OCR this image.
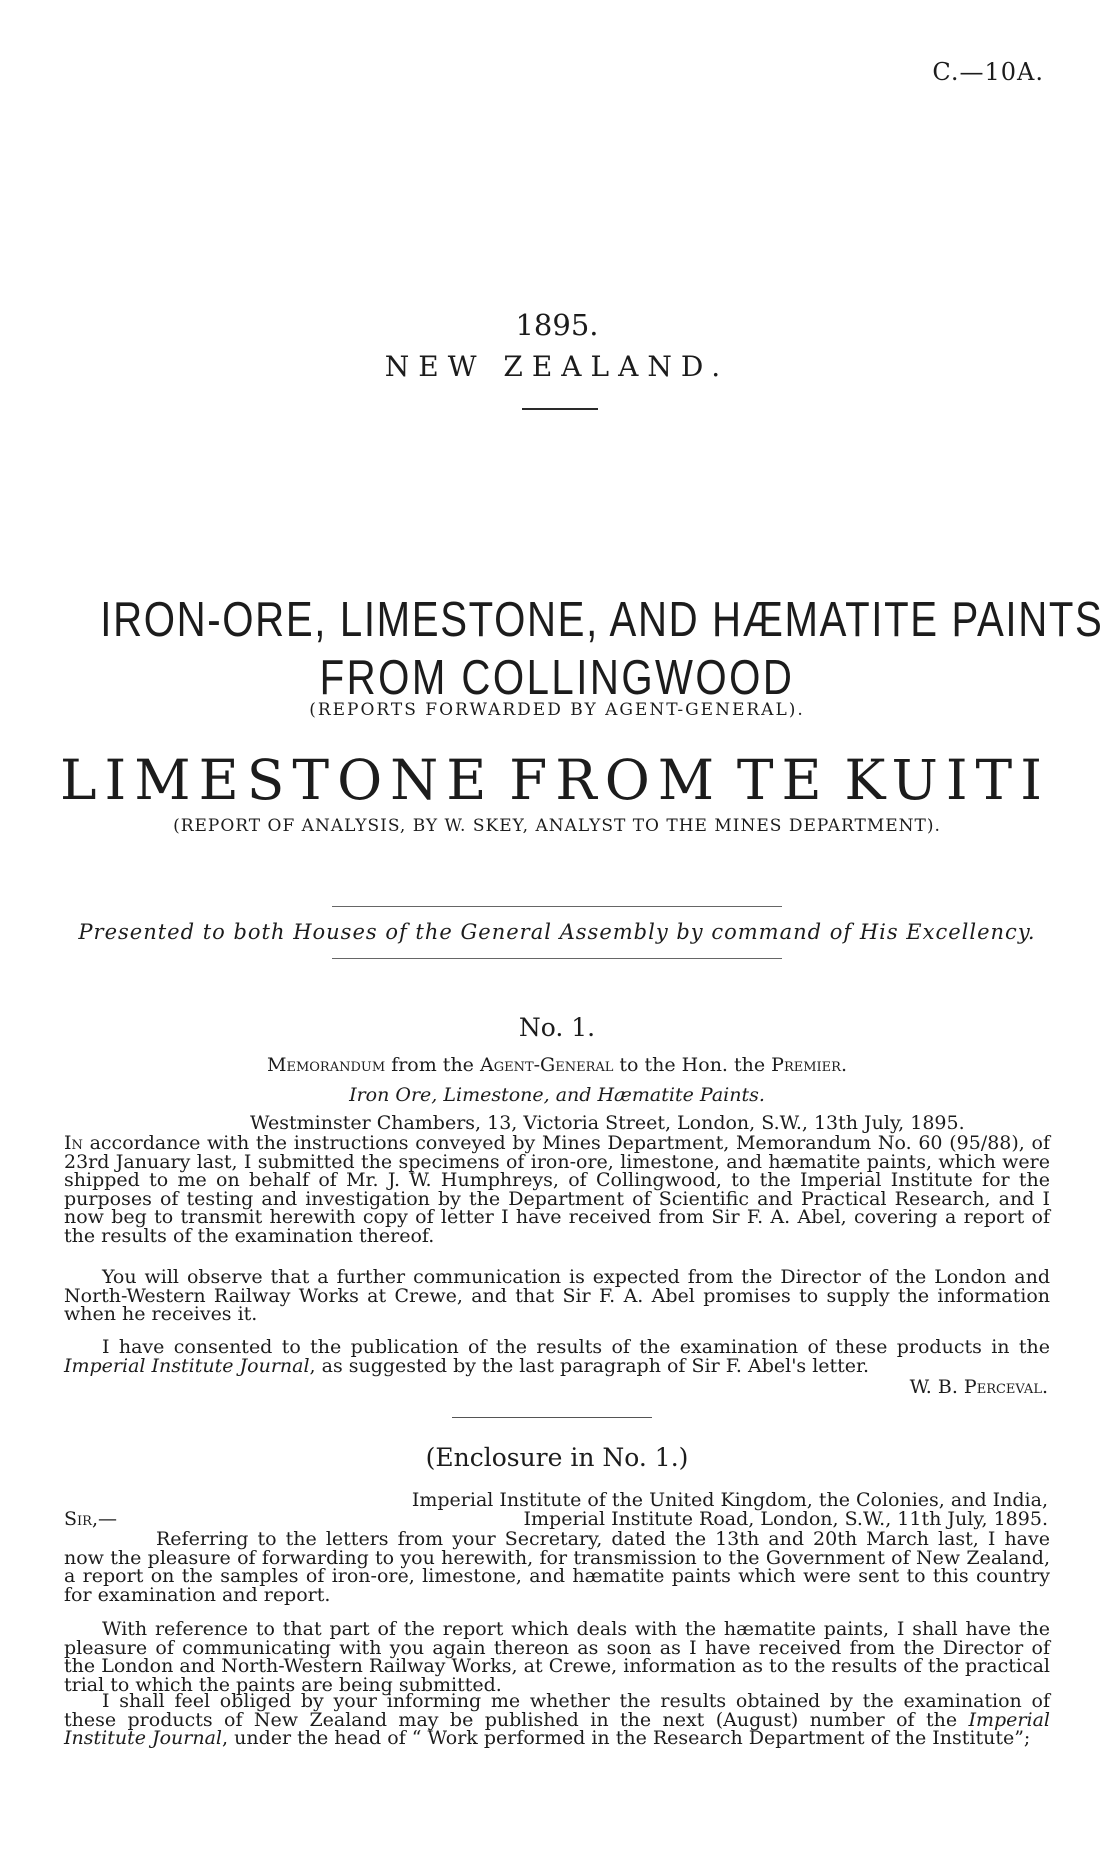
C.—10A.
1895.
NEW ZEALAND.
IRON-ORE, LIMESTONE, AND HÆMATITE PAINTS
FROM COLLINGWOOD
(REPORTS FORWARDED BY AGENT-GENERAL).
LIMESTONE FROM TE KUITI
(REPORT OF ANALYSIS, BY W. SKEY, ANALYST TO THE MINES DEPARTMENT).
Presented to both Houses of the General Assembly by command of His Excellency.
No. 1.
Memorandum from the Agent-General to the Hon. the Premier.
Iron Ore, Limestone, and Hæmatite Paints.
Westminster Chambers, 13, Victoria Street, London, S.W., 13th July, 1895.
In accordance with the instructions conveyed by Mines Department, Memorandum No. 60 (95/88), of 23rd January last, I submitted the specimens of iron-ore, limestone, and hæmatite paints, which were shipped to me on behalf of Mr. J. W. Humphreys, of Collingwood, to the Imperial Institute for the purposes of testing and investigation by the Department of Scientific and Practical Research, and I now beg to transmit herewith copy of letter I have received from Sir F. A. Abel, covering a report of the results of the examination thereof.
You will observe that a further communication is expected from the Director of the London and North-Western Railway Works at Crewe, and that Sir F. A. Abel promises to supply the information when he receives it.
I have consented to the publication of the results of the examination of these products in the Imperial Institute Journal, as suggested by the last paragraph of Sir F. Abel's letter.
W. B. Perceval.
(Enclosure in No. 1.)
Imperial Institute of the United Kingdom, the Colonies, and India,
Sir,—	Imperial Institute Road, London, S.W., 11th July, 1895.
Referring to the letters from your Secretary, dated the 13th and 20th March last, I have now the pleasure of forwarding to you herewith, for transmission to the Government of New Zealand, a report on the samples of iron-ore, limestone, and hæmatite paints which were sent to this country for examination and report.
With reference to that part of the report which deals with the hæmatite paints, I shall have the pleasure of communicating with you again thereon as soon as I have received from the Director of the London and North-Western Railway Works, at Crewe, information as to the results of the practical trial to which the paints are being submitted.
I shall feel obliged by your informing me whether the results obtained by the examination of these products of New Zealand may be published in the next (August) number of the Imperial Institute Journal, under the head of “ Work performed in the Research Department of the Institute”;
